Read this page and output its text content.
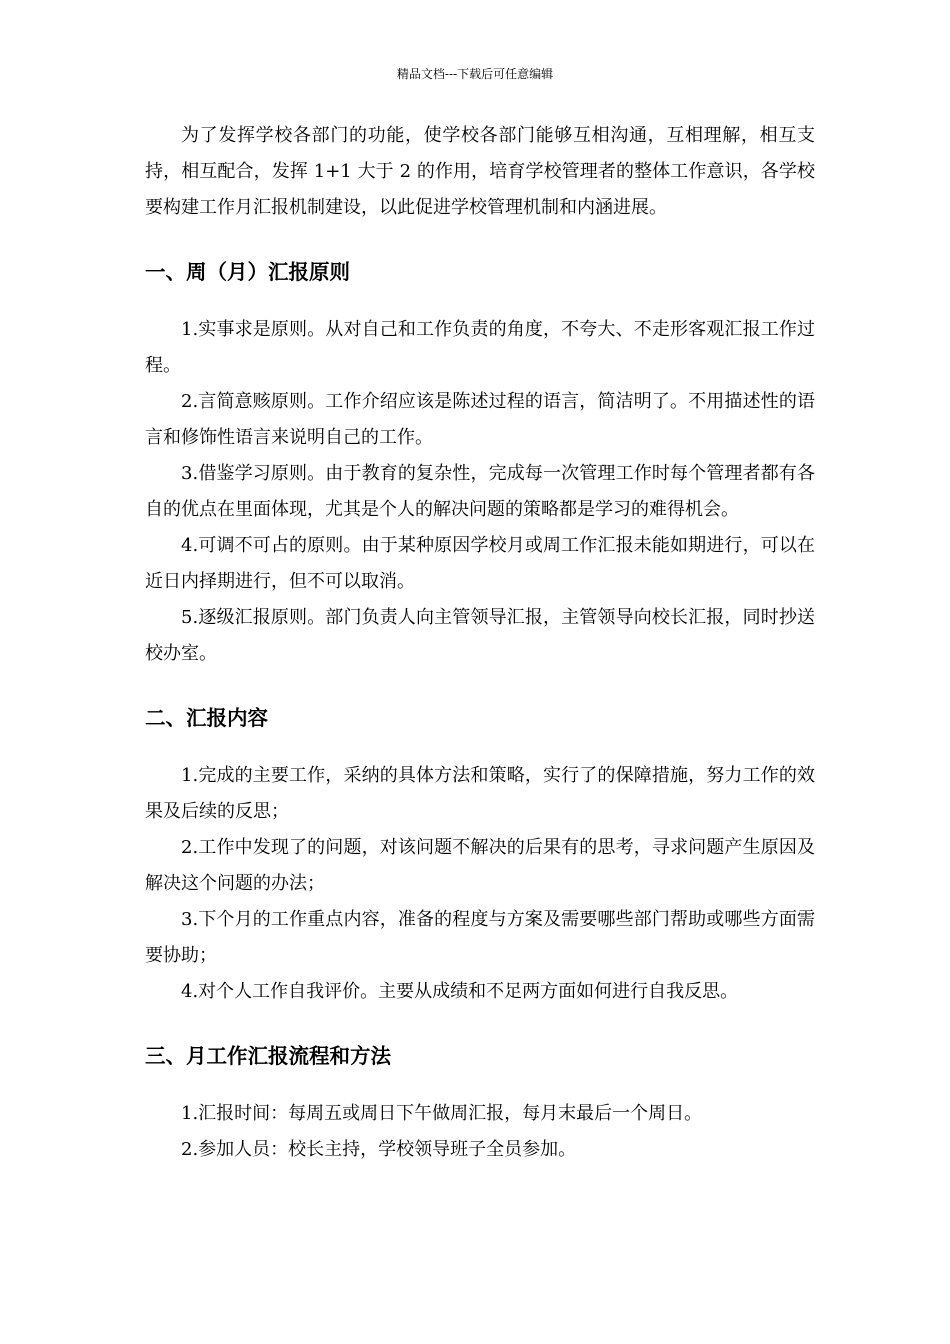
精品文档---下载后可任意编辑

为了发挥学校各部门的功能，使学校各部门能够互相沟通，互相理解，相互支持，相互配合，发挥 1+1 大于 2 的作用，培育学校管理者的整体工作意识，各学校要构建工作月汇报机制建设，以此促进学校管理机制和内涵进展。

一、周（月）汇报原则

1.实事求是原则。从对自己和工作负责的角度，不夸大、不走形客观汇报工作过程。

2.言简意赅原则。工作介绍应该是陈述过程的语言，简洁明了。不用描述性的语言和修饰性语言来说明自己的工作。

3.借鉴学习原则。由于教育的复杂性，完成每一次管理工作时每个管理者都有各自的优点在里面体现，尤其是个人的解决问题的策略都是学习的难得机会。

4.可调不可占的原则。由于某种原因学校月或周工作汇报未能如期进行，可以在近日内择期进行，但不可以取消。

5.逐级汇报原则。部门负责人向主管领导汇报，主管领导向校长汇报，同时抄送校办室。

二、汇报内容

1.完成的主要工作，采纳的具体方法和策略，实行了的保障措施，努力工作的效果及后续的反思；

2.工作中发现了的问题，对该问题不解决的后果有的思考，寻求问题产生原因及解决这个问题的办法；

3.下个月的工作重点内容，准备的程度与方案及需要哪些部门帮助或哪些方面需要协助；

4.对个人工作自我评价。主要从成绩和不足两方面如何进行自我反思。

三、月工作汇报流程和方法

1.汇报时间：每周五或周日下午做周汇报，每月末最后一个周日。

2.参加人员：校长主持，学校领导班子全员参加。
